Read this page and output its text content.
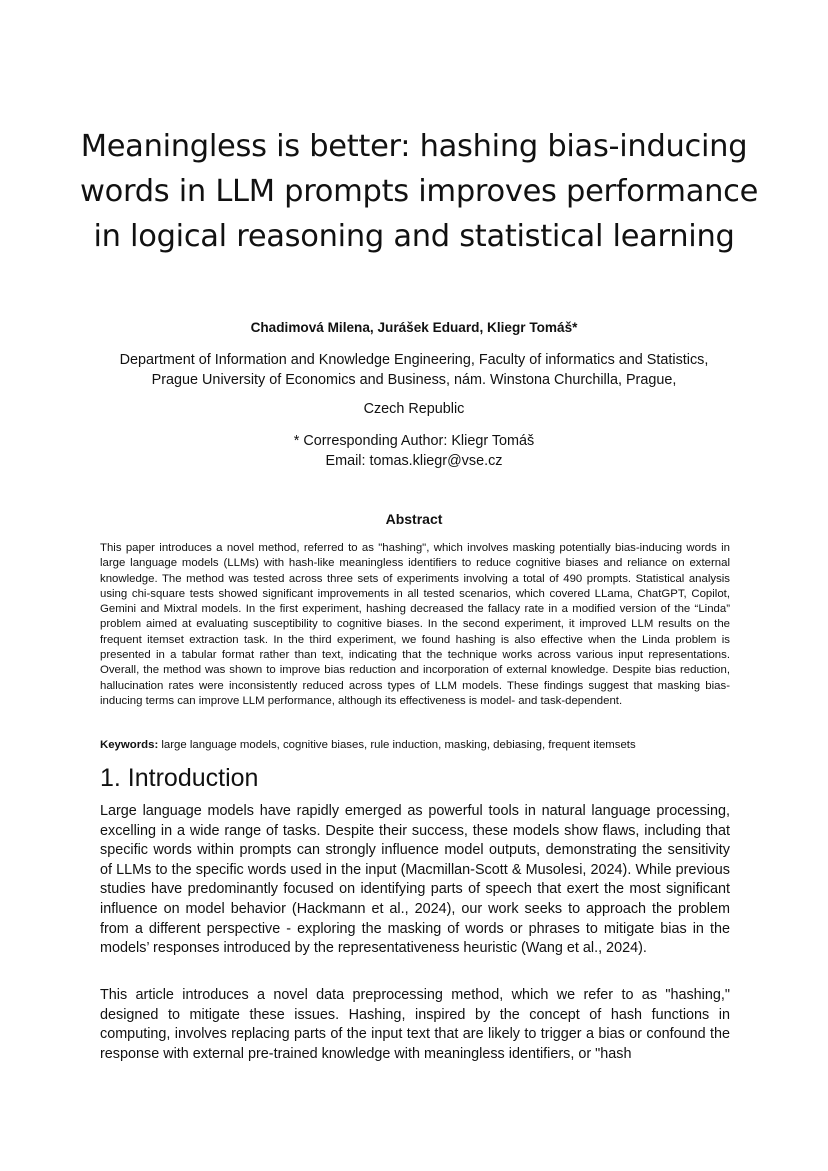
Meaningless is better: hashing bias-inducing
words in LLM prompts improves performance
in logical reasoning and statistical learning
Chadimová Milena, Jurášek Eduard, Kliegr Tomáš*
Department of Information and Knowledge Engineering, Faculty of informatics and Statistics,
Prague University of Economics and Business, nám. Winstona Churchilla, Prague,
Czech Republic
* Corresponding Author: Kliegr Tomáš
Email: tomas.kliegr@vse.cz
Abstract

This paper introduces a novel method, referred to as "hashing", which involves masking potentially bias-inducing words in large language models (LLMs) with hash-like meaningless identifiers to reduce cognitive biases and reliance on external knowledge. The method was tested across three sets of experiments involving a total of 490 prompts. Statistical analysis using chi-square tests showed significant improvements in all tested scenarios, which covered LLama, ChatGPT, Copilot, Gemini and Mixtral models. In the first experiment, hashing decreased the fallacy rate in a modified version of the “Linda” problem aimed at evaluating susceptibility to cognitive biases. In the second experiment, it improved LLM results on the frequent itemset extraction task. In the third experiment, we found hashing is also effective when the Linda problem is presented in a tabular format rather than text, indicating that the technique works across various input representations. Overall, the method was shown to improve bias reduction and incorporation of external knowledge. Despite bias reduction, hallucination rates were inconsistently reduced across types of LLM models. These findings suggest that masking bias-inducing terms can improve LLM performance, although its effectiveness is model- and task-dependent.

Keywords: large language models, cognitive biases, rule induction, masking, debiasing, frequent itemsets
1. Introduction

Large language models have rapidly emerged as powerful tools in natural language processing, excelling in a wide range of tasks. Despite their success, these models show flaws, including that specific words within prompts can strongly influence model outputs, demonstrating the sensitivity of LLMs to the specific words used in the input (Macmillan-Scott & Musolesi, 2024). While previous studies have predominantly focused on identifying parts of speech that exert the most significant influence on model behavior (Hackmann et al., 2024), our work seeks to approach the problem from a different perspective - exploring the masking of words or phrases to mitigate bias in the models’ responses introduced by the representativeness heuristic (Wang et al., 2024).

This article introduces a novel data preprocessing method, which we refer to as "hashing," designed to mitigate these issues. Hashing, inspired by the concept of hash functions in computing, involves replacing parts of the input text that are likely to trigger a bias or confound the response with external pre-trained knowledge with meaningless identifiers, or "hash
